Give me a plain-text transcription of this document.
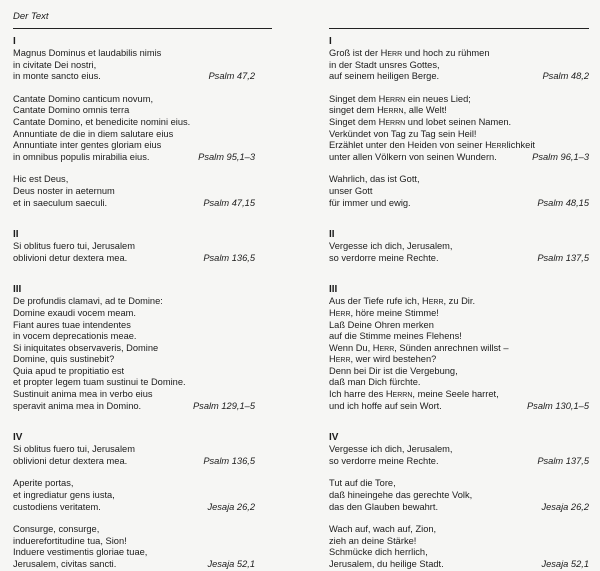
Der Text
I
Magnus Dominus et laudabilis nimis
in civitate Dei nostri,
in monte sancto eius.	Psalm 47,2
Cantate Domino canticum novum,
Cantate Domino omnis terra
Cantate Domino, et benedicite nomini eius.
Annuntiate de die in diem salutare eius
Annuntiate inter gentes gloriam eius
in omnibus populis mirabilia eius.	Psalm 95,1–3
Hic est Deus,
Deus noster in aeternum
et in saeculum saeculi.	Psalm 47,15
II
Si oblitus fuero tui, Jerusalem
oblivioni detur dextera mea.	Psalm 136,5
III
De profundis clamavi, ad te Domine:
Domine exaudi vocem meam.
Fiant aures tuae intendentes
in vocem deprecationis meae.
Si iniquitates observaveris, Domine
Domine, quis sustinebit?
Quia apud te propitiatio est
et propter legem tuam sustinui te Domine.
Sustinuit anima mea in verbo eius
speravit anima mea in Domino.	Psalm 129,1–5
IV
Si oblitus fuero tui, Jerusalem
oblivioni detur dextera mea.	Psalm 136,5
Aperite portas,
et ingrediatur gens iusta,
custodiens veritatem.	Jesaja 26,2
Consurge, consurge,
induerefortitudine tua, Sion!
Induere vestimentis gloriae tuae,
Jerusalem, civitas sancti.	Jesaja 52,1
I
Groß ist der Herr und hoch zu rühmen
in der Stadt unsres Gottes,
auf seinem heiligen Berge.	Psalm 48,2
Singet dem Herrn ein neues Lied;
singet dem Herrn, alle Welt!
Singet dem Herrn und lobet seinen Namen.
Verkündet von Tag zu Tag sein Heil!
Erzählet unter den Heiden von seiner Herrlichkeit
unter allen Völkern von seinen Wundern.	Psalm 96,1–3
Wahrlich, das ist Gott,
unser Gott
für immer und ewig.	Psalm 48,15
II
Vergesse ich dich, Jerusalem,
so verdorre meine Rechte.	Psalm 137,5
III
Aus der Tiefe rufe ich, Herr, zu Dir.
Herr, höre meine Stimme!
Laß Deine Ohren merken
auf die Stimme meines Flehens!
Wenn Du, Herr, Sünden anrechnen willst –
Herr, wer wird bestehen?
Denn bei Dir ist die Vergebung,
daß man Dich fürchte.
Ich harre des Herrn, meine Seele harret,
und ich hoffe auf sein Wort.	Psalm 130,1–5
IV
Vergesse ich dich, Jerusalem,
so verdorre meine Rechte.	Psalm 137,5
Tut auf die Tore,
daß hineingehe das gerechte Volk,
das den Glauben bewahrt.	Jesaja 26,2
Wach auf, wach auf, Zion,
zieh an deine Stärke!
Schmücke dich herrlich,
Jerusalem, du heilige Stadt.	Jesaja 52,1
